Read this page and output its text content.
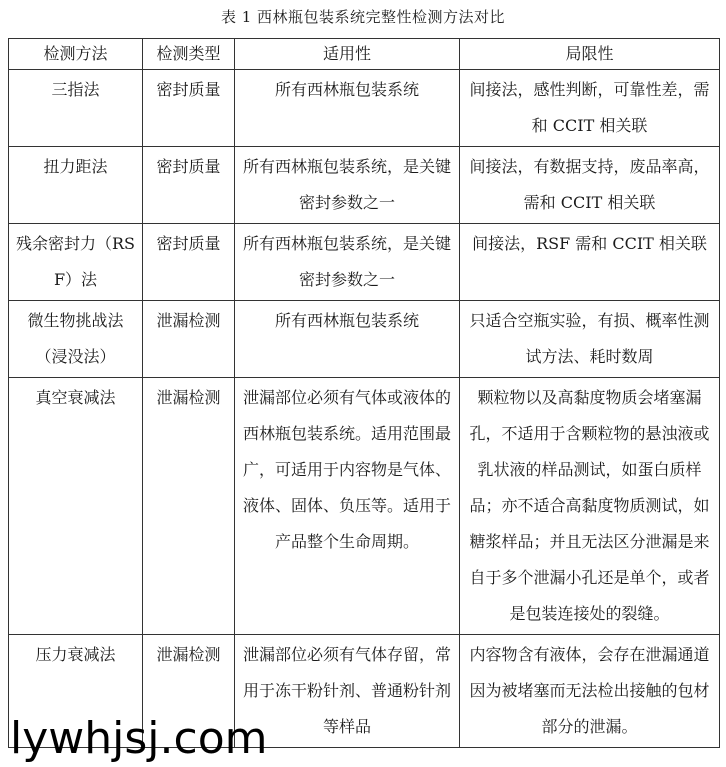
表 1 西林瓶包装系统完整性检测方法对比
检测方法	检测类型	适用性	局限性
三指法	密封质量	所有西林瓶包装系统	间接法，感性判断，可靠性差，需和 CCIT 相关联
扭力距法	密封质量	所有西林瓶包装系统，是关键密封参数之一	间接法，有数据支持，废品率高，需和 CCIT 相关联
残余密封力（RSF）法	密封质量	所有西林瓶包装系统，是关键密封参数之一	间接法，RSF 需和 CCIT 相关联
微生物挑战法（浸没法）	泄漏检测	所有西林瓶包装系统	只适合空瓶实验，有损、概率性测试方法、耗时数周
真空衰减法	泄漏检测	泄漏部位必须有气体或液体的西林瓶包装系统。适用范围最广，可适用于内容物是气体、液体、固体、负压等。适用于产品整个生命周期。	颗粒物以及高黏度物质会堵塞漏孔，不适用于含颗粒物的悬浊液或乳状液的样品测试，如蛋白质样品；亦不适合高黏度物质测试，如糖浆样品；并且无法区分泄漏是来自于多个泄漏小孔还是单个，或者是包装连接处的裂缝。
压力衰减法	泄漏检测	泄漏部位必须有气体存留，常用于冻干粉针剂、普通粉针剂等样品	内容物含有液体，会存在泄漏通道因为被堵塞而无法检出接触的包材部分的泄漏。
lywhjsj.com
